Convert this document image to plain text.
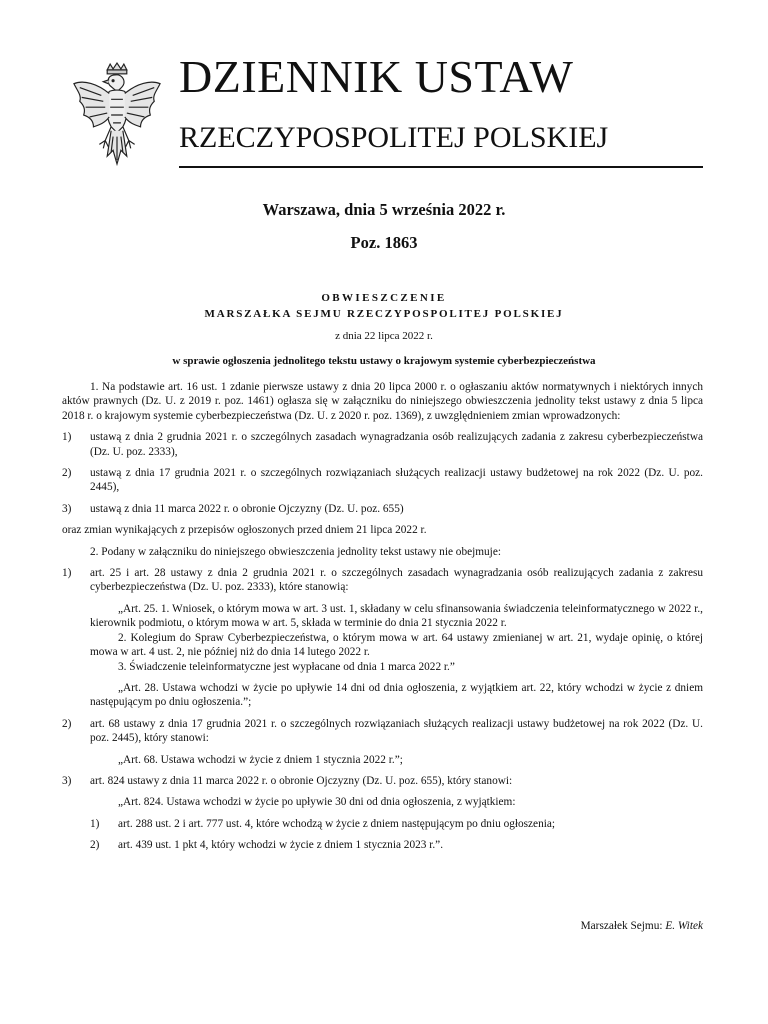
DZIENNIK USTAW
RZECZYPOSPOLITEJ POLSKIEJ

Warszawa, dnia 5 września 2022 r.

Poz. 1863

OBWIESZCZENIE

MARSZAŁKA SEJMU RZECZYPOSPOLITEJ POLSKIEJ

z dnia 22 lipca 2022 r.

w sprawie ogłoszenia jednolitego tekstu ustawy o krajowym systemie cyberbezpieczeństwa

1. Na podstawie art. 16 ust. 1 zdanie pierwsze ustawy z dnia 20 lipca 2000 r. o ogłaszaniu aktów normatywnych i niektórych innych aktów prawnych (Dz. U. z 2019 r. poz. 1461) ogłasza się w załączniku do niniejszego obwieszczenia jednolity tekst ustawy z dnia 5 lipca 2018 r. o krajowym systemie cyberbezpieczeństwa (Dz. U. z 2020 r. poz. 1369), z uwzględnieniem zmian wprowadzonych:

1) ustawą z dnia 2 grudnia 2021 r. o szczególnych zasadach wynagradzania osób realizujących zadania z zakresu cyberbezpieczeństwa (Dz. U. poz. 2333),

2) ustawą z dnia 17 grudnia 2021 r. o szczególnych rozwiązaniach służących realizacji ustawy budżetowej na rok 2022 (Dz. U. poz. 2445),

3) ustawą z dnia 11 marca 2022 r. o obronie Ojczyzny (Dz. U. poz. 655)

oraz zmian wynikających z przepisów ogłoszonych przed dniem 21 lipca 2022 r.

2. Podany w załączniku do niniejszego obwieszczenia jednolity tekst ustawy nie obejmuje:

1) art. 25 i art. 28 ustawy z dnia 2 grudnia 2021 r. o szczególnych zasadach wynagradzania osób realizujących zadania z zakresu cyberbezpieczeństwa (Dz. U. poz. 2333), które stanowią:

„Art. 25. 1. Wniosek, o którym mowa w art. 3 ust. 1, składany w celu sfinansowania świadczenia teleinformatycznego w 2022 r., kierownik podmiotu, o którym mowa w art. 5, składa w terminie do dnia 21 stycznia 2022 r.

2. Kolegium do Spraw Cyberbezpieczeństwa, o którym mowa w art. 64 ustawy zmienianej w art. 21, wydaje opinię, o której mowa w art. 4 ust. 2, nie później niż do dnia 14 lutego 2022 r.

3. Świadczenie teleinformatyczne jest wypłacane od dnia 1 marca 2022 r.”

„Art. 28. Ustawa wchodzi w życie po upływie 14 dni od dnia ogłoszenia, z wyjątkiem art. 22, który wchodzi w życie z dniem następującym po dniu ogłoszenia.”;

2) art. 68 ustawy z dnia 17 grudnia 2021 r. o szczególnych rozwiązaniach służących realizacji ustawy budżetowej na rok 2022 (Dz. U. poz. 2445), który stanowi:

„Art. 68. Ustawa wchodzi w życie z dniem 1 stycznia 2022 r.”;

3) art. 824 ustawy z dnia 11 marca 2022 r. o obronie Ojczyzny (Dz. U. poz. 655), który stanowi:

„Art. 824. Ustawa wchodzi w życie po upływie 30 dni od dnia ogłoszenia, z wyjątkiem:

1) art. 288 ust. 2 i art. 777 ust. 4, które wchodzą w życie z dniem następującym po dniu ogłoszenia;

2) art. 439 ust. 1 pkt 4, który wchodzi w życie z dniem 1 stycznia 2023 r.”.

Marszałek Sejmu: E. Witek
